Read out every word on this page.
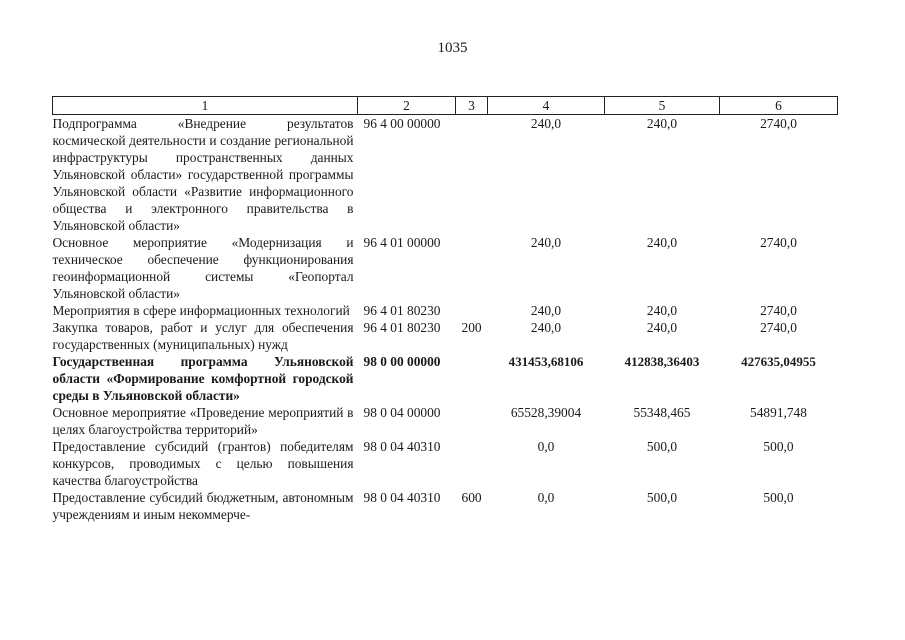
1035
1	2	3	4	5	6
Подпрограмма «Внедрение результатов космической деятельности и создание региональной инфраструктуры пространственных данных Ульяновской области» государственной программы Ульяновской области «Развитие информационного общества и электронного правительства в Ульяновской области»	96 4 00 00000		240,0	240,0	2740,0
Основное мероприятие «Модернизация и техническое обеспечение функционирования геоинформационной системы «Геопортал Ульяновской области»	96 4 01 00000		240,0	240,0	2740,0
Мероприятия в сфере информационных технологий	96 4 01 80230		240,0	240,0	2740,0
Закупка товаров, работ и услуг для обеспечения государственных (муниципальных) нужд	96 4 01 80230	200	240,0	240,0	2740,0
Государственная программа Ульяновской области «Формирование комфортной городской среды в Ульяновской области»	98 0 00 00000		431453,68106	412838,36403	427635,04955
Основное мероприятие «Проведение мероприятий в целях благоустройства территорий»	98 0 04 00000		65528,39004	55348,465	54891,748
Предоставление субсидий (грантов) победителям конкурсов, проводимых с целью повышения качества благоустройства	98 0 04 40310		0,0	500,0	500,0
Предоставление субсидий бюджетным, автономным учреждениям и иным некоммерче-	98 0 04 40310	600	0,0	500,0	500,0
